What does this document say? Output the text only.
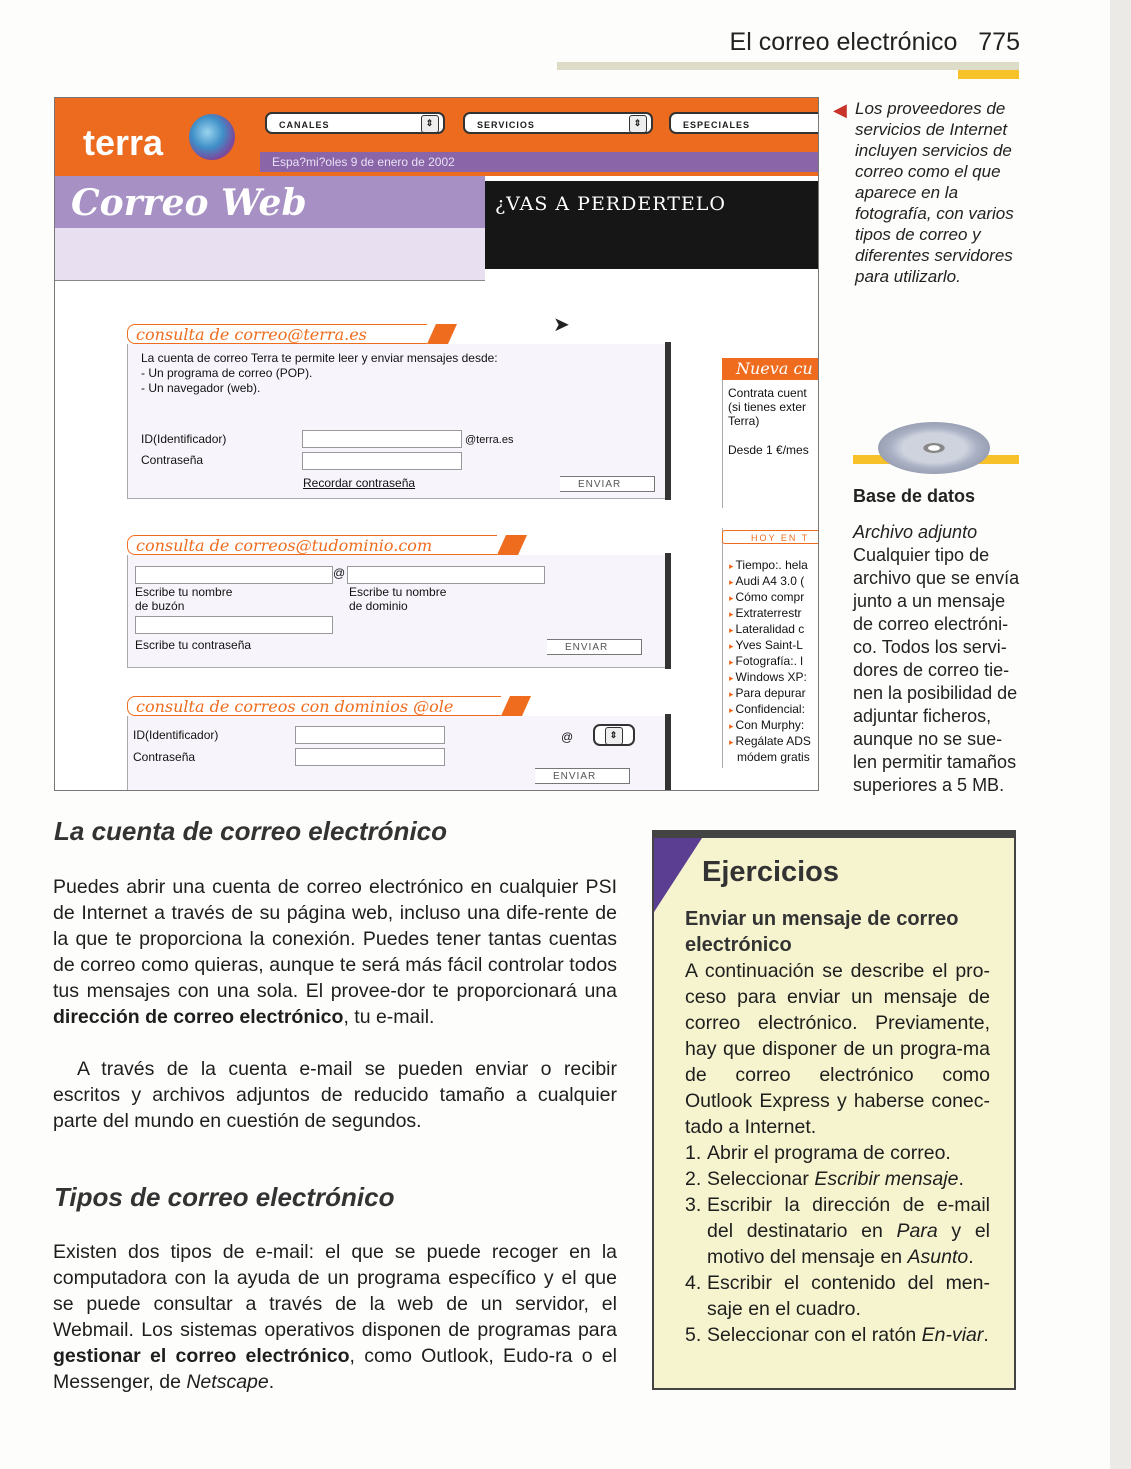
El correo electrónico 775
terra	CANALES	⇕	SERVICIOS	⇕	ESPECIALES
Espa?mi?oles 9 de enero de 2002
Correo Web	¿VAS A PERDERTELO
➤
consulta de correo@terra.es
La cuenta de correo Terra te permite leer y enviar mensajes desde:
- Un programa de correo (POP).
- Un navegador (web).
ID(Identificador)	@terra.es
Contraseña
Recordar contraseña	ENVIAR
consulta de correos@tudominio.com
@
Escribe tu nombre
de buzón
Escribe tu nombre
de dominio
Escribe tu contraseña	ENVIAR
consulta de correos con dominios @ole
ID(Identificador)
Contraseña
@	⇕
ENVIAR
Nueva cu
Contrata cuent
(si tienes exter
Terra)
Desde 1 €/mes
HOY EN T
▸ Tiempo:. hela
▸ Audi A4 3.0 (
▸ Cómo compr
▸ Extraterrestr
▸ Lateralidad c
▸ Yves Saint-L
▸ Fotografía:. l
▸ Windows XP:
▸ Para depurar
▸ Confidencial:
▸ Con Murphy:
▸ Regálate ADS
módem gratis
◀ Los proveedores de servicios de Internet incluyen servicios de correo como el que aparece en la fotografía, con varios tipos de correo y diferentes servidores para utilizarlo.
Base de datos
Archivo adjunto
Cualquier tipo de archivo que se envía junto a un mensaje de correo electróni-co. Todos los servi-dores de correo tie-nen la posibilidad de adjuntar ficheros, aunque no se sue-len permitir tamaños superiores a 5 MB.
La cuenta de correo electrónico
Puedes abrir una cuenta de correo electrónico en cualquier PSI de Internet a través de su página web, incluso una dife-rente de la que te proporciona la conexión. Puedes tener tantas cuentas de correo como quieras, aunque te será más fácil controlar todos tus mensajes con una sola. El provee-dor te proporcionará una dirección de correo electrónico, tu e-mail.
A través de la cuenta e-mail se pueden enviar o recibir escritos y archivos adjuntos de reducido tamaño a cualquier parte del mundo en cuestión de segundos.
Tipos de correo electrónico
Existen dos tipos de e-mail: el que se puede recoger en la computadora con la ayuda de un programa específico y el que se puede consultar a través de la web de un servidor, el Webmail. Los sistemas operativos disponen de programas para gestionar el correo electrónico, como Outlook, Eudo-ra o el Messenger, de Netscape.
Ejercicios
Enviar un mensaje de correo electrónico
A continuación se describe el pro-ceso para enviar un mensaje de correo electrónico. Previamente, hay que disponer de un progra-ma de correo electrónico como Outlook Express y haberse conec-tado a Internet.
1. Abrir el programa de correo.
2. Seleccionar Escribir mensaje.
3. Escribir la dirección de e-mail del destinatario en Para y el motivo del mensaje en Asunto.
4. Escribir el contenido del men-saje en el cuadro.
5. Seleccionar con el ratón En-viar.
